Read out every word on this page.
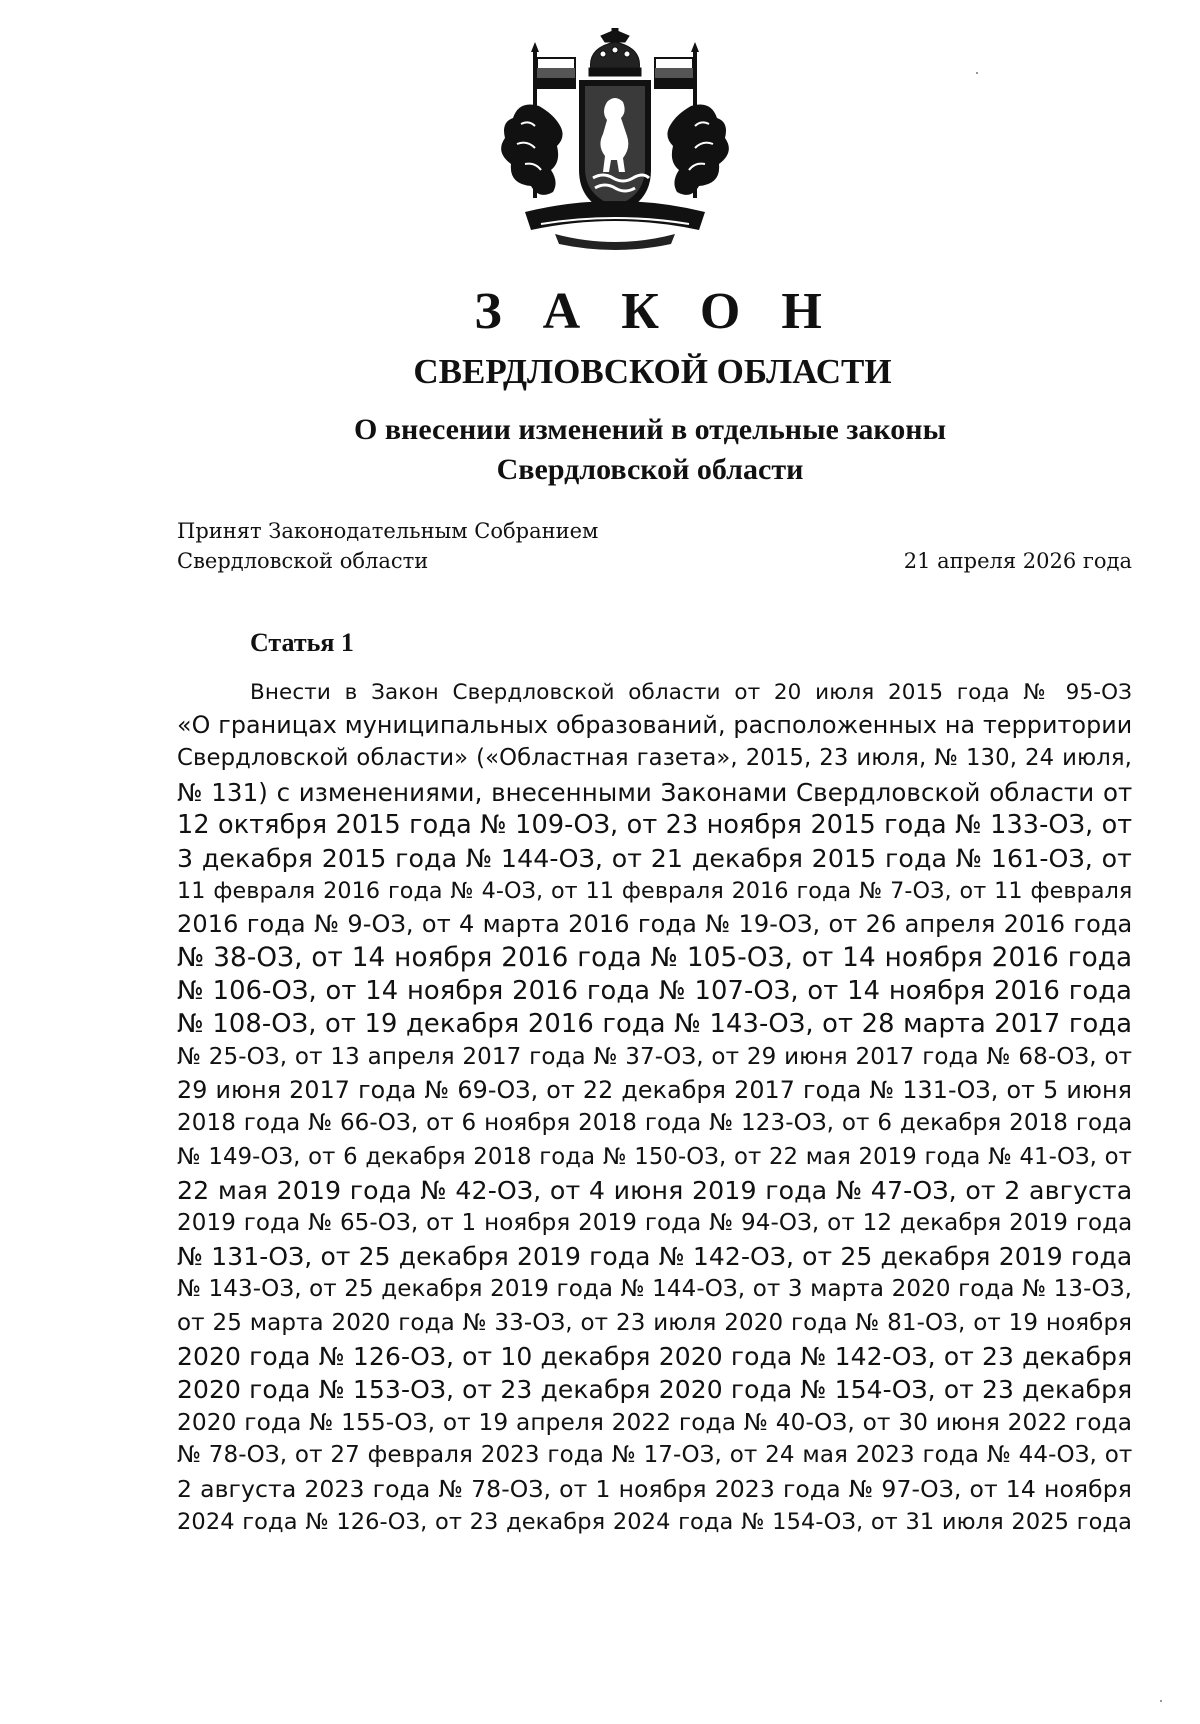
З А К О Н
СВЕРДЛОВСКОЙ ОБЛАСТИ
О внесении изменений в отдельные законы
Свердловской области
Принят Законодательным Собранием
Свердловской области	21 апреля 2026 года
Статья 1
Внести в Закон Свердловской области от 20 июля 2015 года № 95-ОЗ
«О границах муниципальных образований, расположенных на территории
Свердловской области» («Областная газета», 2015, 23 июля, № 130, 24 июля,
№ 131) с изменениями, внесенными Законами Свердловской области от
12 октября 2015 года № 109-ОЗ, от 23 ноября 2015 года № 133-ОЗ, от
3 декабря 2015 года № 144-ОЗ, от 21 декабря 2015 года № 161-ОЗ, от
11 февраля 2016 года № 4-ОЗ, от 11 февраля 2016 года № 7-ОЗ, от 11 февраля
2016 года № 9-ОЗ, от 4 марта 2016 года № 19-ОЗ, от 26 апреля 2016 года
№ 38-ОЗ, от 14 ноября 2016 года № 105-ОЗ, от 14 ноября 2016 года
№ 106-ОЗ, от 14 ноября 2016 года № 107-ОЗ, от 14 ноября 2016 года
№ 108-ОЗ, от 19 декабря 2016 года № 143-ОЗ, от 28 марта 2017 года
№ 25-ОЗ, от 13 апреля 2017 года № 37-ОЗ, от 29 июня 2017 года № 68-ОЗ, от
29 июня 2017 года № 69-ОЗ, от 22 декабря 2017 года № 131-ОЗ, от 5 июня
2018 года № 66-ОЗ, от 6 ноября 2018 года № 123-ОЗ, от 6 декабря 2018 года
№ 149-ОЗ, от 6 декабря 2018 года № 150-ОЗ, от 22 мая 2019 года № 41-ОЗ, от
22 мая 2019 года № 42-ОЗ, от 4 июня 2019 года № 47-ОЗ, от 2 августа
2019 года № 65-ОЗ, от 1 ноября 2019 года № 94-ОЗ, от 12 декабря 2019 года
№ 131-ОЗ, от 25 декабря 2019 года № 142-ОЗ, от 25 декабря 2019 года
№ 143-ОЗ, от 25 декабря 2019 года № 144-ОЗ, от 3 марта 2020 года № 13-ОЗ,
от 25 марта 2020 года № 33-ОЗ, от 23 июля 2020 года № 81-ОЗ, от 19 ноября
2020 года № 126-ОЗ, от 10 декабря 2020 года № 142-ОЗ, от 23 декабря
2020 года № 153-ОЗ, от 23 декабря 2020 года № 154-ОЗ, от 23 декабря
2020 года № 155-ОЗ, от 19 апреля 2022 года № 40-ОЗ, от 30 июня 2022 года
№ 78-ОЗ, от 27 февраля 2023 года № 17-ОЗ, от 24 мая 2023 года № 44-ОЗ, от
2 августа 2023 года № 78-ОЗ, от 1 ноября 2023 года № 97-ОЗ, от 14 ноября
2024 года № 126-ОЗ, от 23 декабря 2024 года № 154-ОЗ, от 31 июля 2025 года
